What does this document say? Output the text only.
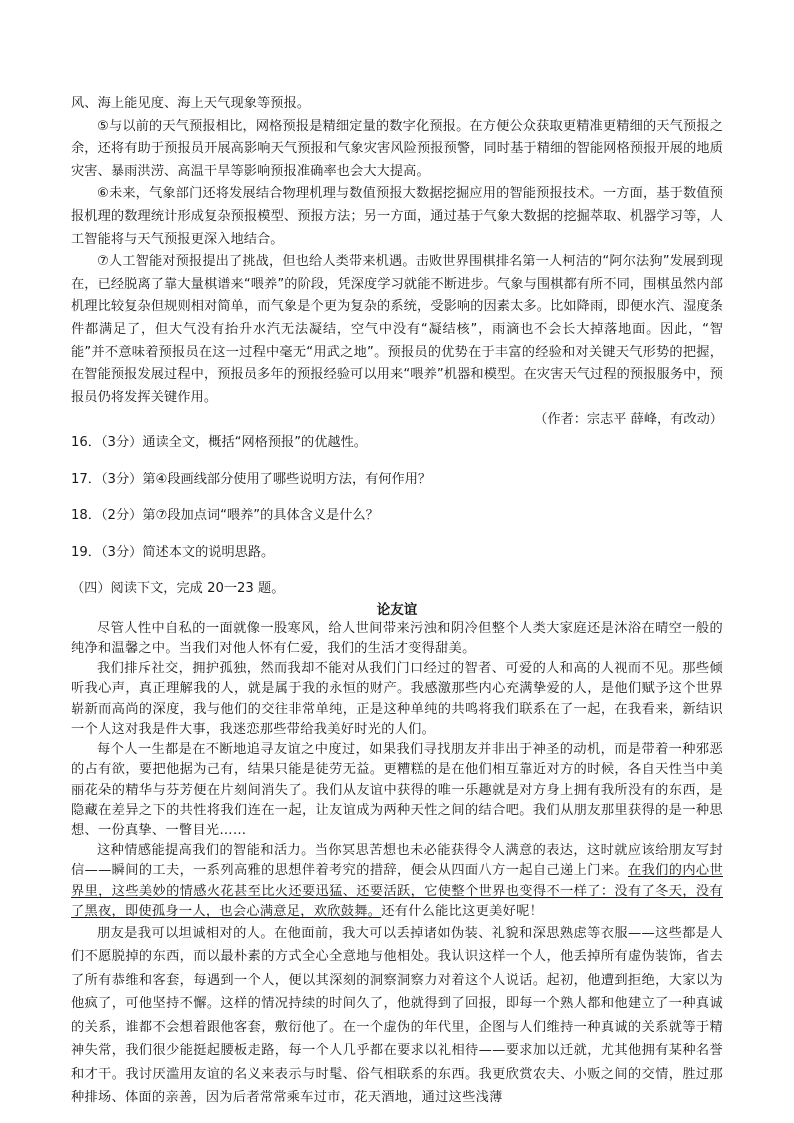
风、海上能见度、海上天气现象等预报。

⑤与以前的天气预报相比，网格预报是精细定量的数字化预报。在方便公众获取更精准更精细的天气预报之余，还将有助于预报员开展高影响天气预报和气象灾害风险预报预警，同时基于精细的智能网格预报开展的地质灾害、暴雨洪涝、高温干旱等影响预报准确率也会大大提高。

⑥未来，气象部门还将发展结合物理机理与数值预报大数据挖掘应用的智能预报技术。一方面，基于数值预报机理的数理统计形成复杂预报模型、预报方法；另一方面，通过基于气象大数据的挖掘萃取、机器学习等，人工智能将与天气预报更深入地结合。

⑦人工智能对预报提出了挑战，但也给人类带来机遇。击败世界围棋排名第一人柯洁的“阿尔法狗”发展到现在，已经脱离了靠大量棋谱来“喂养”的阶段，凭深度学习就能不断进步。气象与围棋都有所不同，围棋虽然内部机理比较复杂但规则相对简单，而气象是个更为复杂的系统，受影响的因素太多。比如降雨，即便水汽、湿度条件都满足了，但大气没有抬升水汽无法凝结，空气中没有“凝结核”，雨滴也不会长大掉落地面。因此，“智能”并不意味着预报员在这一过程中毫无“用武之地”。预报员的优势在于丰富的经验和对关键天气形势的把握，在智能预报发展过程中，预报员多年的预报经验可以用来“喂养”机器和模型。在灾害天气过程的预报服务中，预报员仍将发挥关键作用。

（作者：宗志平 薛峰，有改动）

16．（3分）通读全文，概括“网格预报”的优越性。

17．（3分）第④段画线部分使用了哪些说明方法，有何作用？

18．（2分）第⑦段加点词“喂养”的具体含义是什么？

19．（3分）简述本文的说明思路。

（四）阅读下文，完成 20一23 题。

论友谊

尽管人性中自私的一面就像一股寒风，给人世间带来污浊和阴冷但整个人类大家庭还是沐浴在晴空一般的纯净和温馨之中。当我们对他人怀有仁爱，我们的生活才变得甜美。

我们排斥社交，拥护孤独，然而我却不能对从我们门口经过的智者、可爱的人和高的人视而不见。那些倾听我心声，真正理解我的人，就是属于我的永恒的财产。我感激那些内心充满挚爱的人，是他们赋予这个世界崭新而高尚的深度，我与他们的交往非常单纯，正是这种单纯的共鸣将我们联系在了一起，在我看来，新结识一个人这对我是件大事，我迷恋那些带给我美好时光的人们。

每个人一生都是在不断地追寻友谊之中度过，如果我们寻找朋友并非出于神圣的动机，而是带着一种邪恶的占有欲，要把他据为己有，结果只能是徒劳无益。更糟糕的是在他们相互靠近对方的时候，各自天性当中美丽花朵的精华与芬芳便在片刻间消失了。我们从友谊中获得的唯一乐趣就是对方身上拥有我所没有的东西，是隐藏在差异之下的共性将我们连在一起，让友谊成为两种天性之间的结合吧。我们从朋友那里获得的是一种思想、一份真挚、一瞥目光……

这种情感能提高我们的智能和活力。当你冥思苦想也未必能获得令人满意的表达，这时就应该给朋友写封信——瞬间的工夫，一系列高雅的思想伴着考究的措辞，便会从四面八方一起自己递上门来。在我们的内心世界里，这些美妙的情感火花甚至比火还要迅猛、还要活跃，它使整个世界也变得不一样了：没有了冬天，没有了黑夜，即使孤身一人，也会心满意足，欢欣鼓舞。还有什么能比这更美好呢！

朋友是我可以坦诚相对的人。在他面前，我大可以丢掉诸如伪装、礼貌和深思熟虑等衣服——这些都是人们不愿脱掉的东西，而以最朴素的方式全心全意地与他相处。我认识这样一个人，他丢掉所有虚伪装饰，省去了所有恭维和客套，每遇到一个人，便以其深刻的洞察洞察力对着这个人说话。起初，他遭到拒绝，大家以为他疯了，可他坚持不懈。这样的情况持续的时间久了，他就得到了回报，即每一个熟人都和他建立了一种真诚的关系，谁都不会想着跟他客套，敷衍他了。在一个虚伪的年代里，企图与人们维持一种真诚的关系就等于精神失常，我们很少能挺起腰板走路，每一个人几乎都在要求以礼相待——要求加以迁就，尤其他拥有某种名誉和才干。我讨厌滥用友谊的名义来表示与时髦、俗气相联系的东西。我更欣赏农夫、小贩之间的交情，胜过那种排场、体面的亲善，因为后者常常乘车过市，花天酒地，通过这些浅薄
